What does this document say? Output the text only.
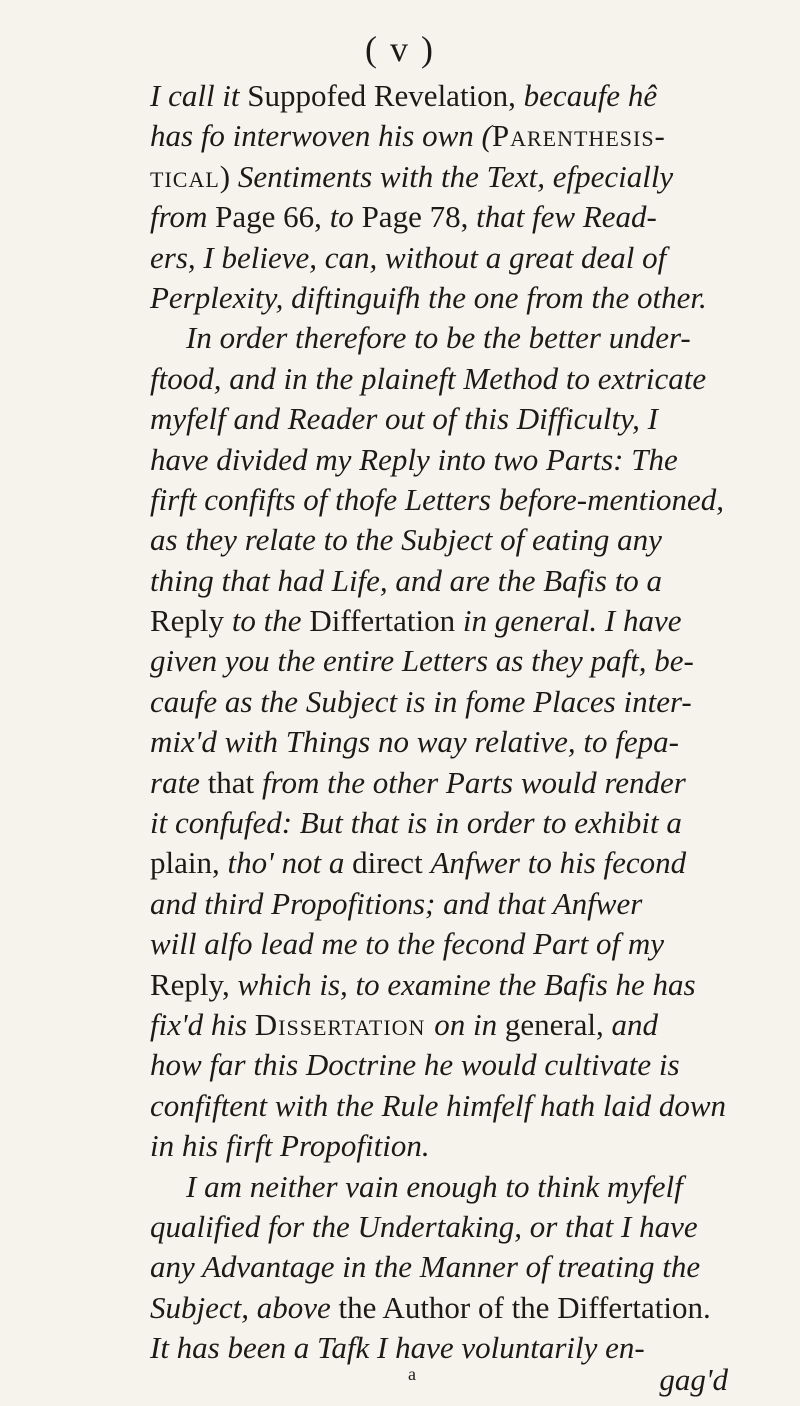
( v )
I call it Suppofed Revelation, becaufe hê
has fo interwoven his own (Parenthesis-
tical) Sentiments with the Text, efpecially
from Page 66, to Page 78, that few Read-
ers, I believe, can, without a great deal of
Perplexity, diftinguifh the one from the other.
In order therefore to be the better under-
ftood, and in the plaineft Method to extricate
myfelf and Reader out of this Difficulty, I
have divided my Reply into two Parts: The
firft confifts of thofe Letters before-mentioned,
as they relate to the Subject of eating any
thing that had Life, and are the Bafis to a
Reply to the Differtation in general. I have
given you the entire Letters as they paft, be-
caufe as the Subject is in fome Places inter-
mix'd with Things no way relative, to fepa-
rate that from the other Parts would render
it confufed: But that is in order to exhibit a
plain, tho' not a direct Anfwer to his fecond
and third Propofitions; and that Anfwer
will alfo lead me to the fecond Part of my
Reply, which is, to examine the Bafis he has
fix'd his Dissertation on in general, and
how far this Doctrine he would cultivate is
confiftent with the Rule himfelf hath laid down
in his firft Propofition.
I am neither vain enough to think myfelf
qualified for the Undertaking, or that I have
any Advantage in the Manner of treating the
Subject, above the Author of the Differtation.
It has been a Tafk I have voluntarily en-
a	gag'd
